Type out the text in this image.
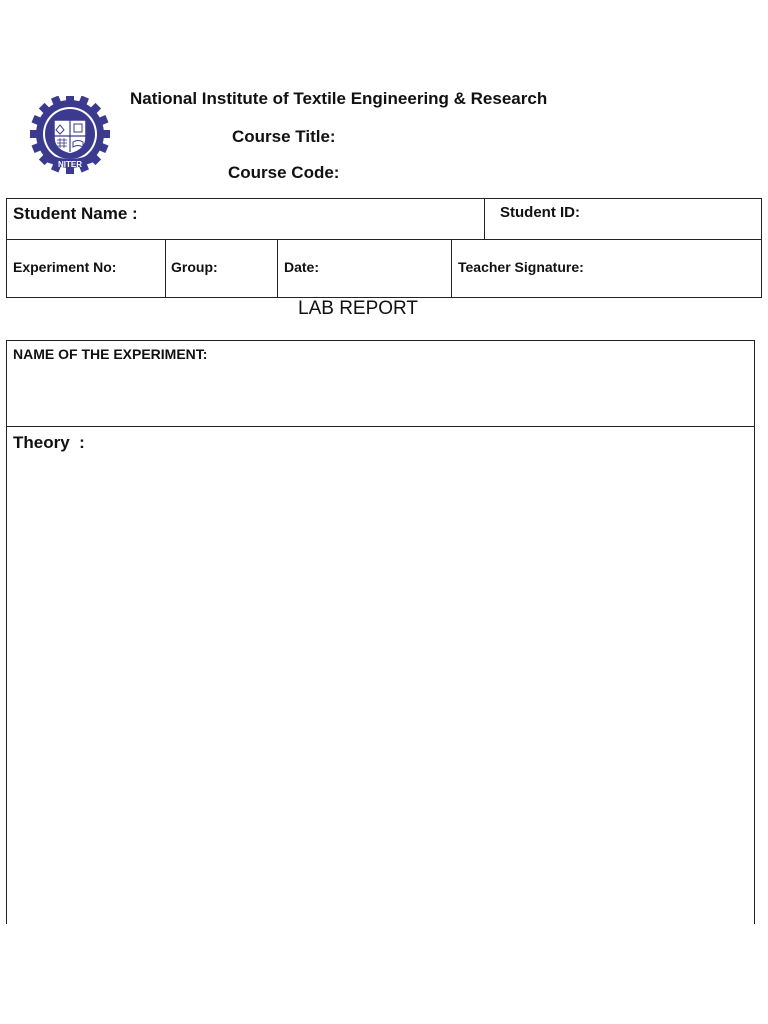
NITER
National Institute of Textile Engineering & Research
Course Title:
Course Code:
Student Name :	Student ID:
Experiment No:	Group:	Date:	Teacher Signature:
LAB REPORT
NAME OF THE EXPERIMENT:
Theory  :
